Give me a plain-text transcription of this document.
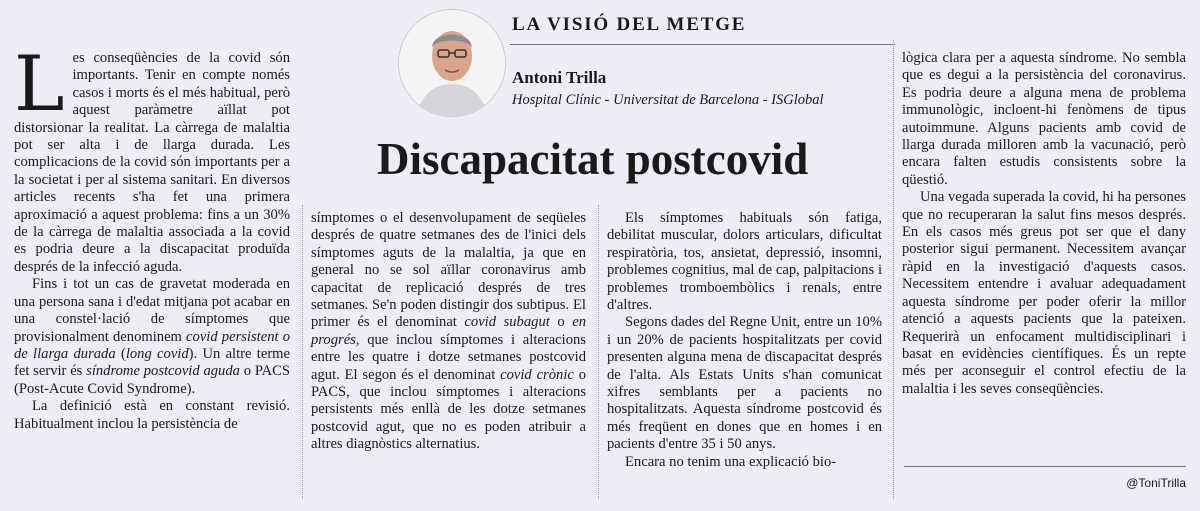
LA VISIÓ DEL METGE
Antoni Trilla
Hospital Clínic - Universitat de Barcelona - ISGlobal
Discapacitat postcovid

Les conseqüències de la covid són importants. Tenir en compte només casos i morts és el més habitual, però aquest paràmetre aïllat pot distorsionar la realitat. La càrrega de malaltia pot ser alta i de llarga durada. Les complicacions de la covid són importants per a la societat i per al sistema sanitari. En diversos articles recents s'ha fet una primera aproximació a aquest problema: fins a un 30% de la càrrega de malaltia associada a la covid es podria deure a la discapacitat produïda després de la infecció aguda.

Fins i tot un cas de gravetat moderada en una persona sana i d'edat mitjana pot acabar en una constel·lació de símptomes que provisionalment denominem covid persistent o de llarga durada (long covid). Un altre terme fet servir és síndrome postcovid aguda o PACS (Post-Acute Covid Syndrome).

La definició està en constant revisió. Habitualment inclou la persistència de

símptomes o el desenvolupament de seqüeles després de quatre setmanes des de l'inici dels símptomes aguts de la malaltia, ja que en general no se sol aïllar coronavirus amb capacitat de replicació després de tres setmanes. Se'n poden distingir dos subtipus. El primer és el denominat covid subagut o en progrés, que inclou símptomes i alteracions entre les quatre i dotze setmanes postcovid agut. El segon és el denominat covid crònic o PACS, que inclou símptomes i alteracions persistents més enllà de les dotze setmanes postcovid agut, que no es poden atribuir a altres diagnòstics alternatius.

Els símptomes habituals són fatiga, debilitat muscular, dolors articulars, dificultat respiratòria, tos, ansietat, depressió, insomni, problemes cognitius, mal de cap, palpitacions i problemes tromboembòlics i renals, entre d'altres.

Segons dades del Regne Unit, entre un 10% i un 20% de pacients hospitalitzats per covid presenten alguna mena de discapacitat després de l'alta. Als Estats Units s'han comunicat xifres semblants per a pacients no hospitalitzats. Aquesta síndrome postcovid és més freqüent en dones que en homes i en pacients d'entre 35 i 50 anys.

Encara no tenim una explicació bio-

lògica clara per a aquesta síndrome. No sembla que es degui a la persistència del coronavirus. Es podria deure a alguna mena de problema immunològic, incloent-hi fenòmens de tipus autoimmune. Alguns pacients amb covid de llarga durada milloren amb la vacunació, però encara falten estudis consistents sobre la qüestió.

Una vegada superada la covid, hi ha persones que no recuperaran la salut fins mesos després. En els casos més greus pot ser que el dany posterior sigui permanent. Necessitem avançar ràpid en la investigació d'aquests casos. Necessitem entendre i avaluar adequadament aquesta síndrome per poder oferir la millor atenció a aquests pacients que la pateixen. Requerirà un enfocament multidisciplinari i basat en evidències científiques. És un repte més per aconseguir el control efectiu de la malaltia i les seves conseqüències.

@ToniTrilla
